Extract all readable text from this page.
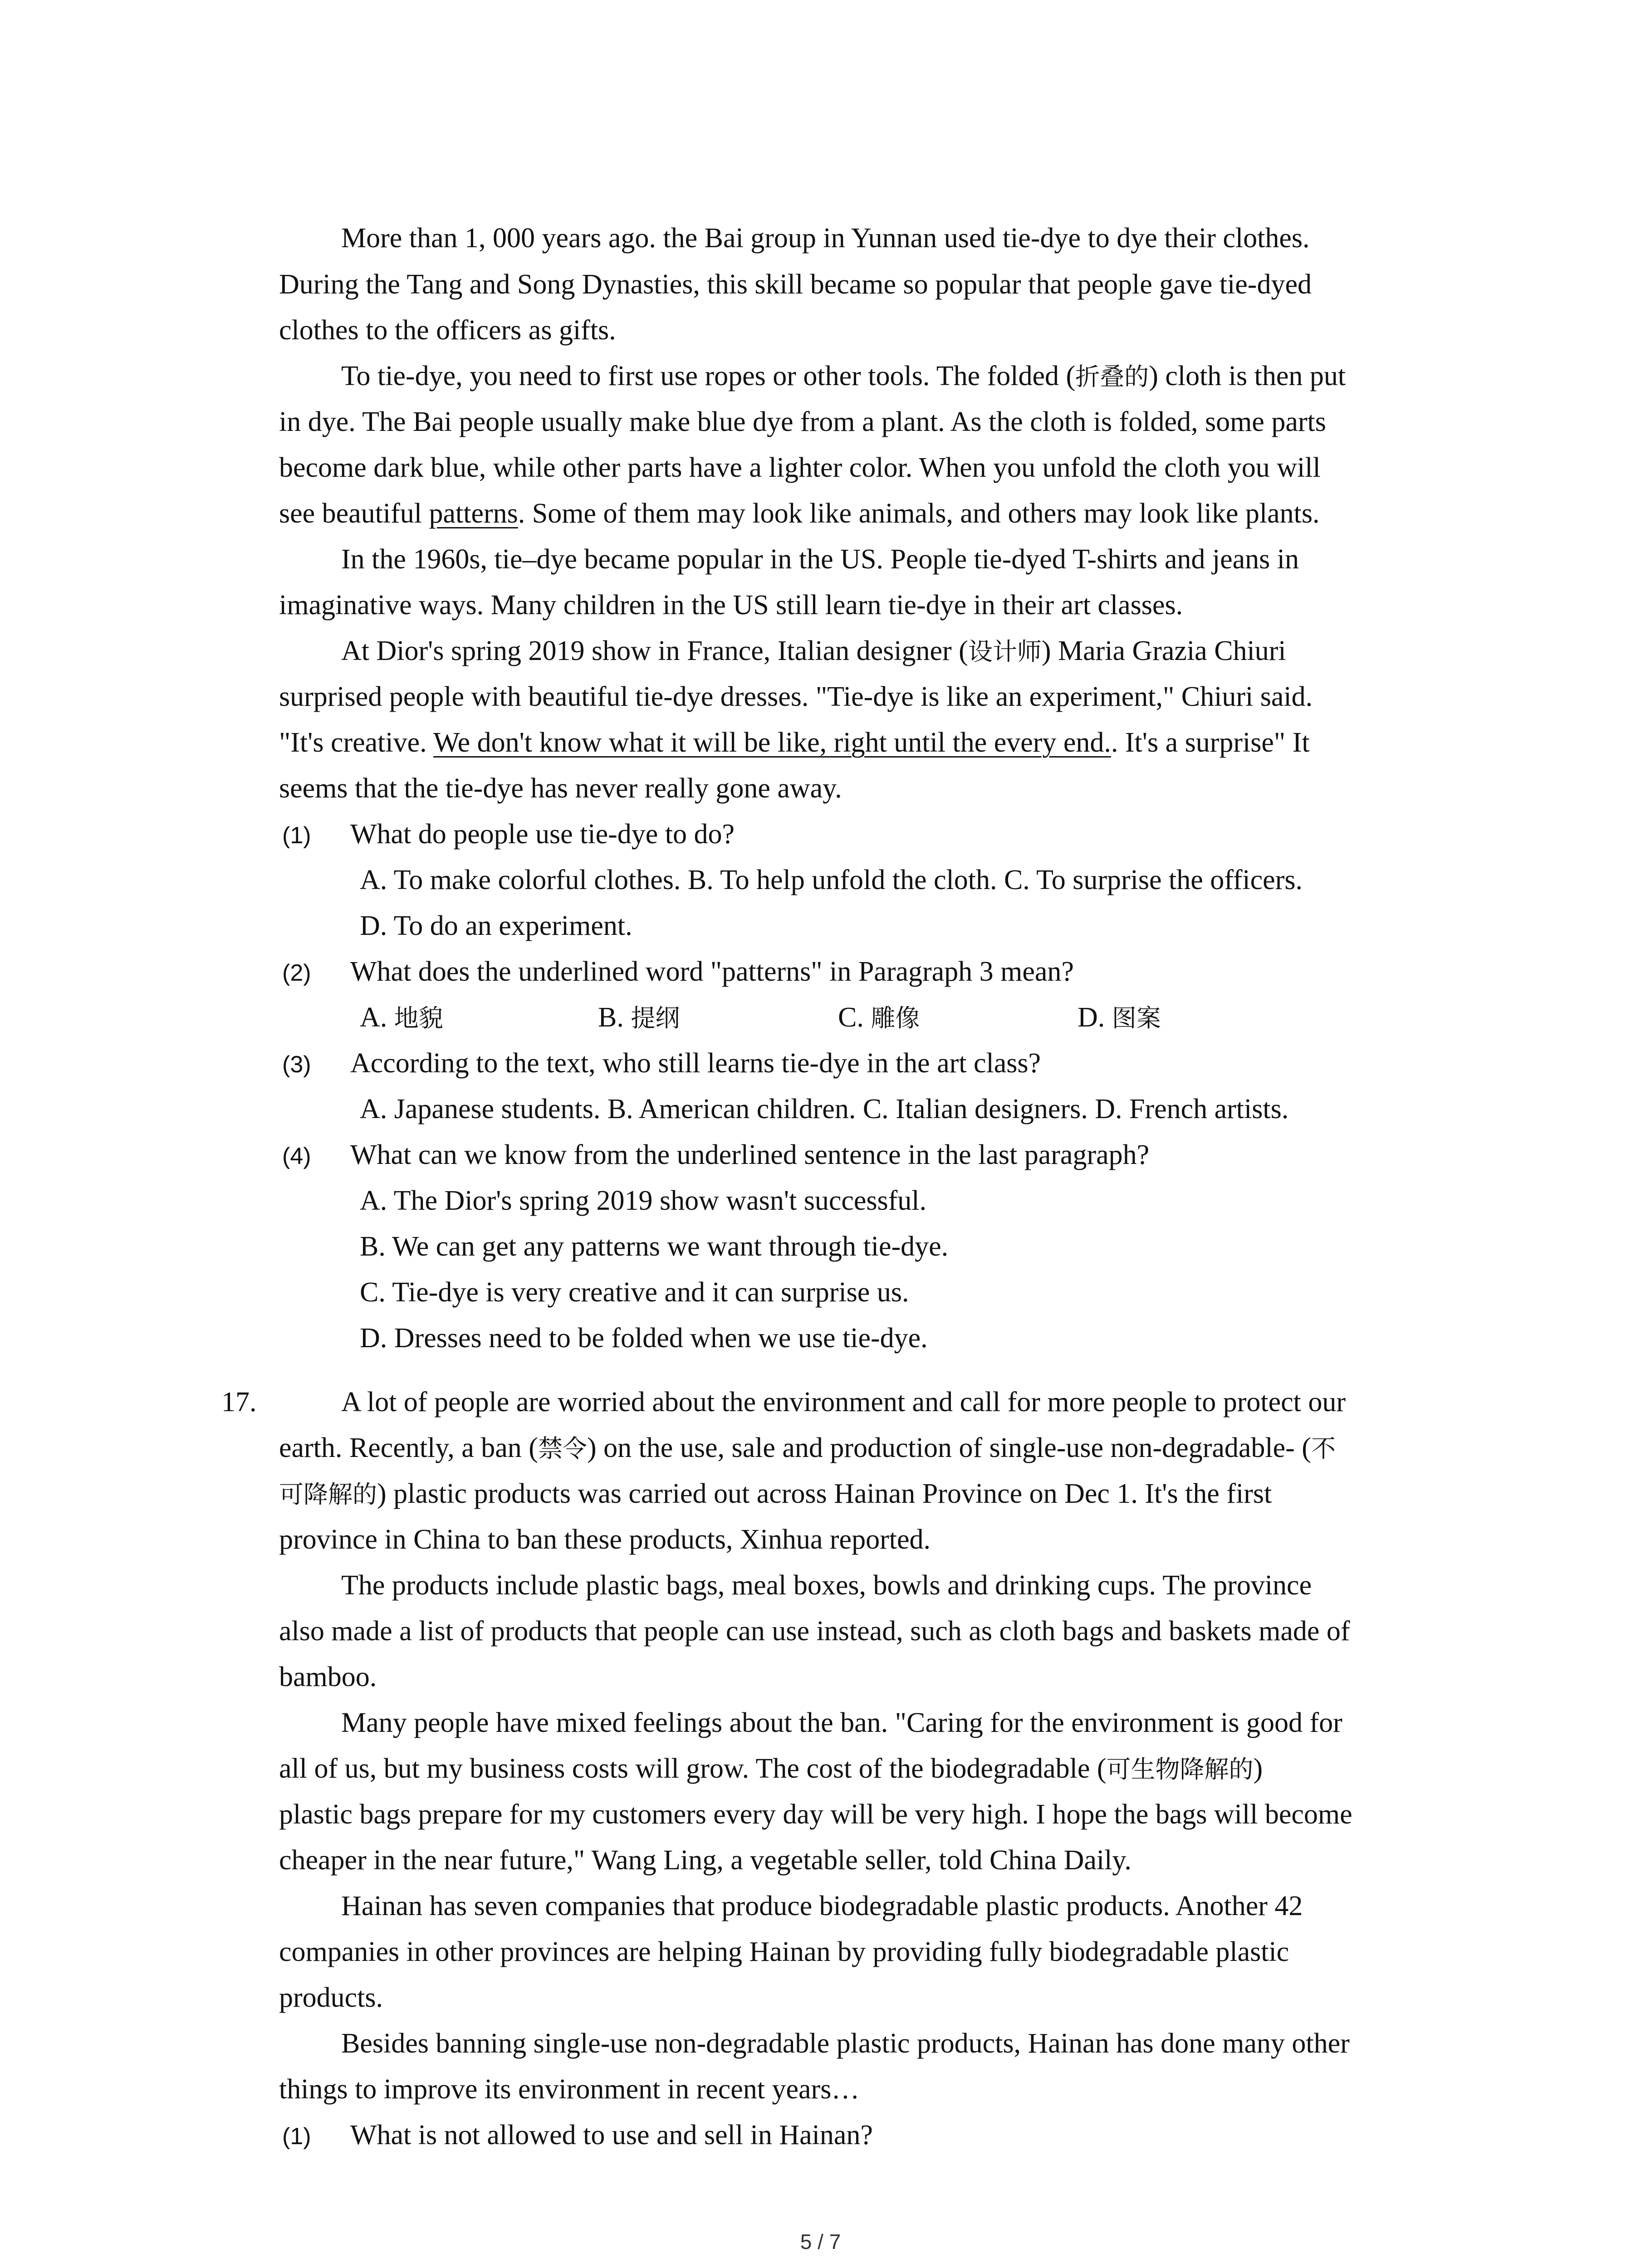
More than 1, 000 years ago. the Bai group in Yunnan used tie-dye to dye their clothes.
During the Tang and Song Dynasties, this skill became so popular that people gave tie-dyed
clothes to the officers as gifts.
To tie-dye, you need to first use ropes or other tools. The folded (折叠的) cloth is then put
in dye. The Bai people usually make blue dye from a plant. As the cloth is folded, some parts
become dark blue, while other parts have a lighter color. When you unfold the cloth you will
see beautiful patterns. Some of them may look like animals, and others may look like plants.
In the 1960s, tie–dye became popular in the US. People tie-dyed T-shirts and jeans in
imaginative ways. Many children in the US still learn tie-dye in their art classes.
At Dior's spring 2019 show in France, Italian designer (设计师) Maria Grazia Chiuri
surprised people with beautiful tie-dye dresses. "Tie-dye is like an experiment," Chiuri said.
"It's creative. We don't know what it will be like, right until the every end.. It's a surprise" It
seems that the tie-dye has never really gone away.
(1) What do people use tie-dye to do?
A. To make colorful clothes. B. To help unfold the cloth. C. To surprise the officers.
D. To do an experiment.
(2) What does the underlined word "patterns" in Paragraph 3 mean?
A. 地貌	B. 提纲	C. 雕像	D. 图案
(3) According to the text, who still learns tie-dye in the art class?
A. Japanese students. B. American children. C. Italian designers. D. French artists.
(4) What can we know from the underlined sentence in the last paragraph?
A. The Dior's spring 2019 show wasn't successful.
B. We can get any patterns we want through tie-dye.
C. Tie-dye is very creative and it can surprise us.
D. Dresses need to be folded when we use tie-dye.
17.	A lot of people are worried about the environment and call for more people to protect our
earth. Recently, a ban (禁令) on the use, sale and production of single-use non-degradable- (不
可降解的) plastic products was carried out across Hainan Province on Dec 1. It's the first
province in China to ban these products, Xinhua reported.
The products include plastic bags, meal boxes, bowls and drinking cups. The province
also made a list of products that people can use instead, such as cloth bags and baskets made of
bamboo.
Many people have mixed feelings about the ban. "Caring for the environment is good for
all of us, but my business costs will grow. The cost of the biodegradable (可生物降解的)
plastic bags prepare for my customers every day will be very high. I hope the bags will become
cheaper in the near future," Wang Ling, a vegetable seller, told China Daily.
Hainan has seven companies that produce biodegradable plastic products. Another 42
companies in other provinces are helping Hainan by providing fully biodegradable plastic
products.
Besides banning single-use non-degradable plastic products, Hainan has done many other
things to improve its environment in recent years…
(1) What is not allowed to use and sell in Hainan?
5 / 7
